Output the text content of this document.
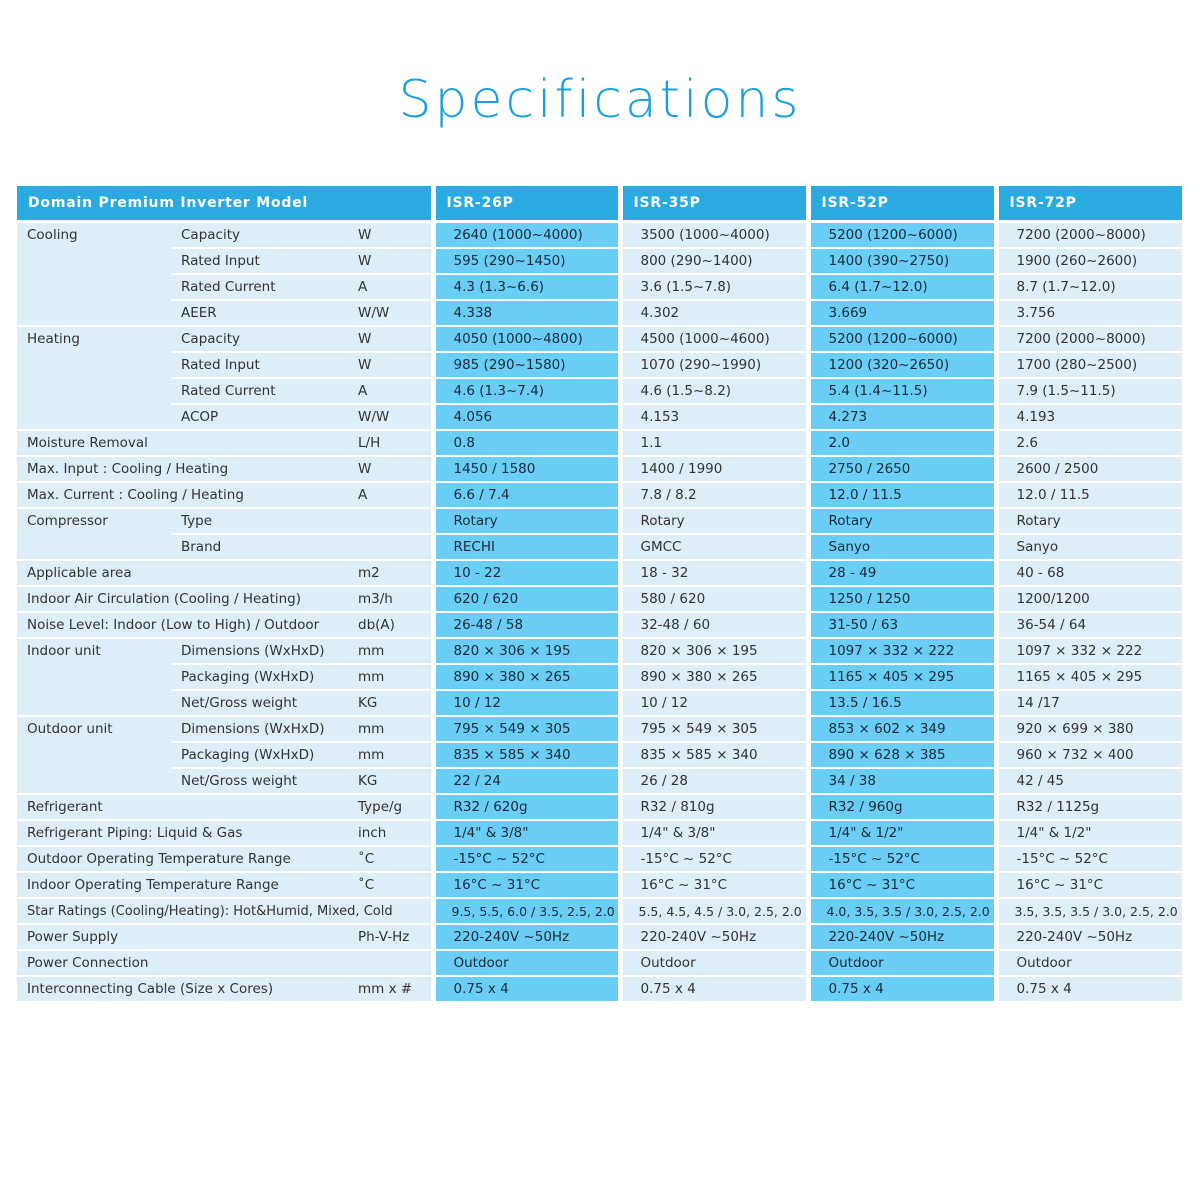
Specifications
Domain Premium Inverter Model			ISR-26P	ISR-35P	ISR-52P	ISR-72P
Cooling	Capacity	W	2640 (1000~4000)	3500 (1000~4000)	5200 (1200~6000)	7200 (2000~8000)
	Rated Input	W	595 (290~1450)	800 (290~1400)	1400 (390~2750)	1900 (260~2600)
	Rated Current	A	4.3 (1.3~6.6)	3.6 (1.5~7.8)	6.4 (1.7~12.0)	8.7 (1.7~12.0)
	AEER	W/W	4.338	4.302	3.669	3.756
Heating	Capacity	W	4050 (1000~4800)	4500 (1000~4600)	5200 (1200~6000)	7200 (2000~8000)
	Rated Input	W	985 (290~1580)	1070 (290~1990)	1200 (320~2650)	1700 (280~2500)
	Rated Current	A	4.6 (1.3~7.4)	4.6 (1.5~8.2)	5.4 (1.4~11.5)	7.9 (1.5~11.5)
	ACOP	W/W	4.056	4.153	4.273	4.193
Moisture Removal		L/H	0.8	1.1	2.0	2.6
Max. Input : Cooling / Heating		W	1450 / 1580	1400 / 1990	2750 / 2650	2600 / 2500
Max. Current : Cooling / Heating		A	6.6 / 7.4	7.8 / 8.2	12.0 / 11.5	12.0 / 11.5
Compressor	Type		Rotary	Rotary	Rotary	Rotary
	Brand		RECHI	GMCC	Sanyo	Sanyo
Applicable area		m2	10 - 22	18 - 32	28 - 49	40 - 68
Indoor Air Circulation (Cooling / Heating)		m3/h	620 / 620	580 / 620	1250 / 1250	1200/1200
Noise Level: Indoor (Low to High) / Outdoor		db(A)	26-48 / 58	32-48 / 60	31-50 / 63	36-54 / 64
Indoor unit	Dimensions (WxHxD)	mm	820 × 306 × 195	820 × 306 × 195	1097 × 332 × 222	1097 × 332 × 222
	Packaging (WxHxD)	mm	890 × 380 × 265	890 × 380 × 265	1165 × 405 × 295	1165 × 405 × 295
	Net/Gross weight	KG	10 / 12	10 / 12	13.5 / 16.5	14 /17
Outdoor unit	Dimensions (WxHxD)	mm	795 × 549 × 305	795 × 549 × 305	853 × 602 × 349	920 × 699 × 380
	Packaging (WxHxD)	mm	835 × 585 × 340	835 × 585 × 340	890 × 628 × 385	960 × 732 × 400
	Net/Gross weight	KG	22 / 24	26 / 28	34 / 38	42 / 45
Refrigerant		Type/g	R32 / 620g	R32 / 810g	R32 / 960g	R32 / 1125g
Refrigerant Piping: Liquid & Gas		inch	1/4" & 3/8"	1/4" & 3/8"	1/4" & 1/2"	1/4" & 1/2"
Outdoor Operating Temperature Range		˚C	-15°C ~ 52°C	-15°C ~ 52°C	-15°C ~ 52°C	-15°C ~ 52°C
Indoor Operating Temperature Range		˚C	16°C ~ 31°C	16°C ~ 31°C	16°C ~ 31°C	16°C ~ 31°C
Star Ratings (Cooling/Heating): Hot&Humid, Mixed, Cold			9.5, 5.5, 6.0 / 3.5, 2.5, 2.0	5.5, 4.5, 4.5 / 3.0, 2.5, 2.0	4.0, 3.5, 3.5 / 3.0, 2.5, 2.0	3.5, 3.5, 3.5 / 3.0, 2.5, 2.0
Power Supply		Ph-V-Hz	220-240V ~50Hz	220-240V ~50Hz	220-240V ~50Hz	220-240V ~50Hz
Power Connection			Outdoor	Outdoor	Outdoor	Outdoor
Interconnecting Cable (Size x Cores)		mm x #	0.75 x 4	0.75 x 4	0.75 x 4	0.75 x 4
